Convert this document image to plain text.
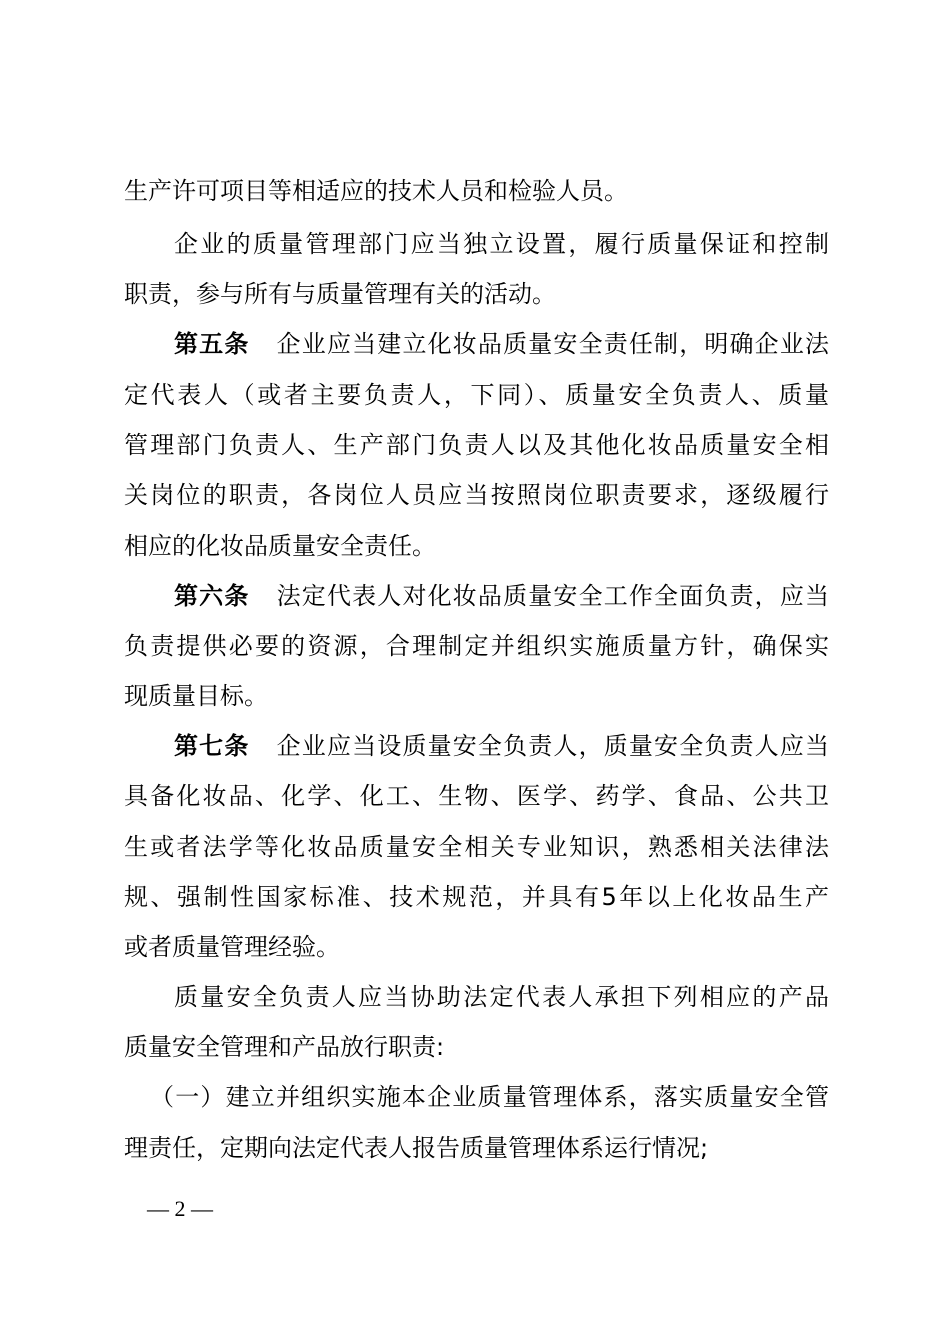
生产许可项目等相适应的技术人员和检验人员。
企业的质量管理部门应当独立设置，履行质量保证和控制
职责，参与所有与质量管理有关的活动。
第五条 企业应当建立化妆品质量安全责任制，明确企业法
定代表人（或者主要负责人，下同）、质量安全负责人、质量
管理部门负责人、生产部门负责人以及其他化妆品质量安全相
关岗位的职责，各岗位人员应当按照岗位职责要求，逐级履行
相应的化妆品质量安全责任。
第六条 法定代表人对化妆品质量安全工作全面负责，应当
负责提供必要的资源，合理制定并组织实施质量方针，确保实
现质量目标。
第七条 企业应当设质量安全负责人，质量安全负责人应当
具备化妆品、化学、化工、生物、医学、药学、食品、公共卫
生或者法学等化妆品质量安全相关专业知识，熟悉相关法律法
规、强制性国家标准、技术规范，并具有5年以上化妆品生产
或者质量管理经验。
质量安全负责人应当协助法定代表人承担下列相应的产品
质量安全管理和产品放行职责:
（一）建立并组织实施本企业质量管理体系，落实质量安全管
理责任，定期向法定代表人报告质量管理体系运行情况;
— 2 —
